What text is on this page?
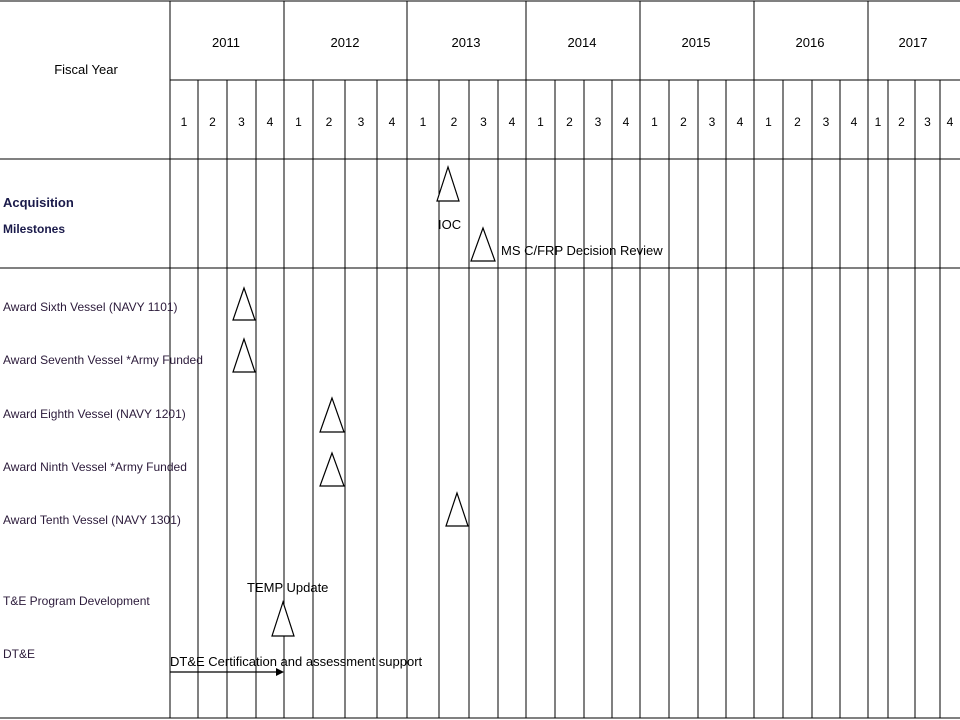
Fiscal Year
2011	2012	2013	2014	2015	2016	2017
1 2 3 4 1 2 3 4 1 2 3 4 1 2 3 4 1 2 3 4 1 2 3 4 1 2 3 4
Acquisition
Milestones
Award Sixth Vessel (NAVY 1101)
Award Seventh Vessel *Army Funded
Award Eighth Vessel (NAVY 1201)
Award Ninth Vessel *Army Funded
Award Tenth Vessel (NAVY 1301)
T&E Program Development
DT&E
IOC
MS C/FRP Decision Review
TEMP Update
DT&E Certification and assessment support
